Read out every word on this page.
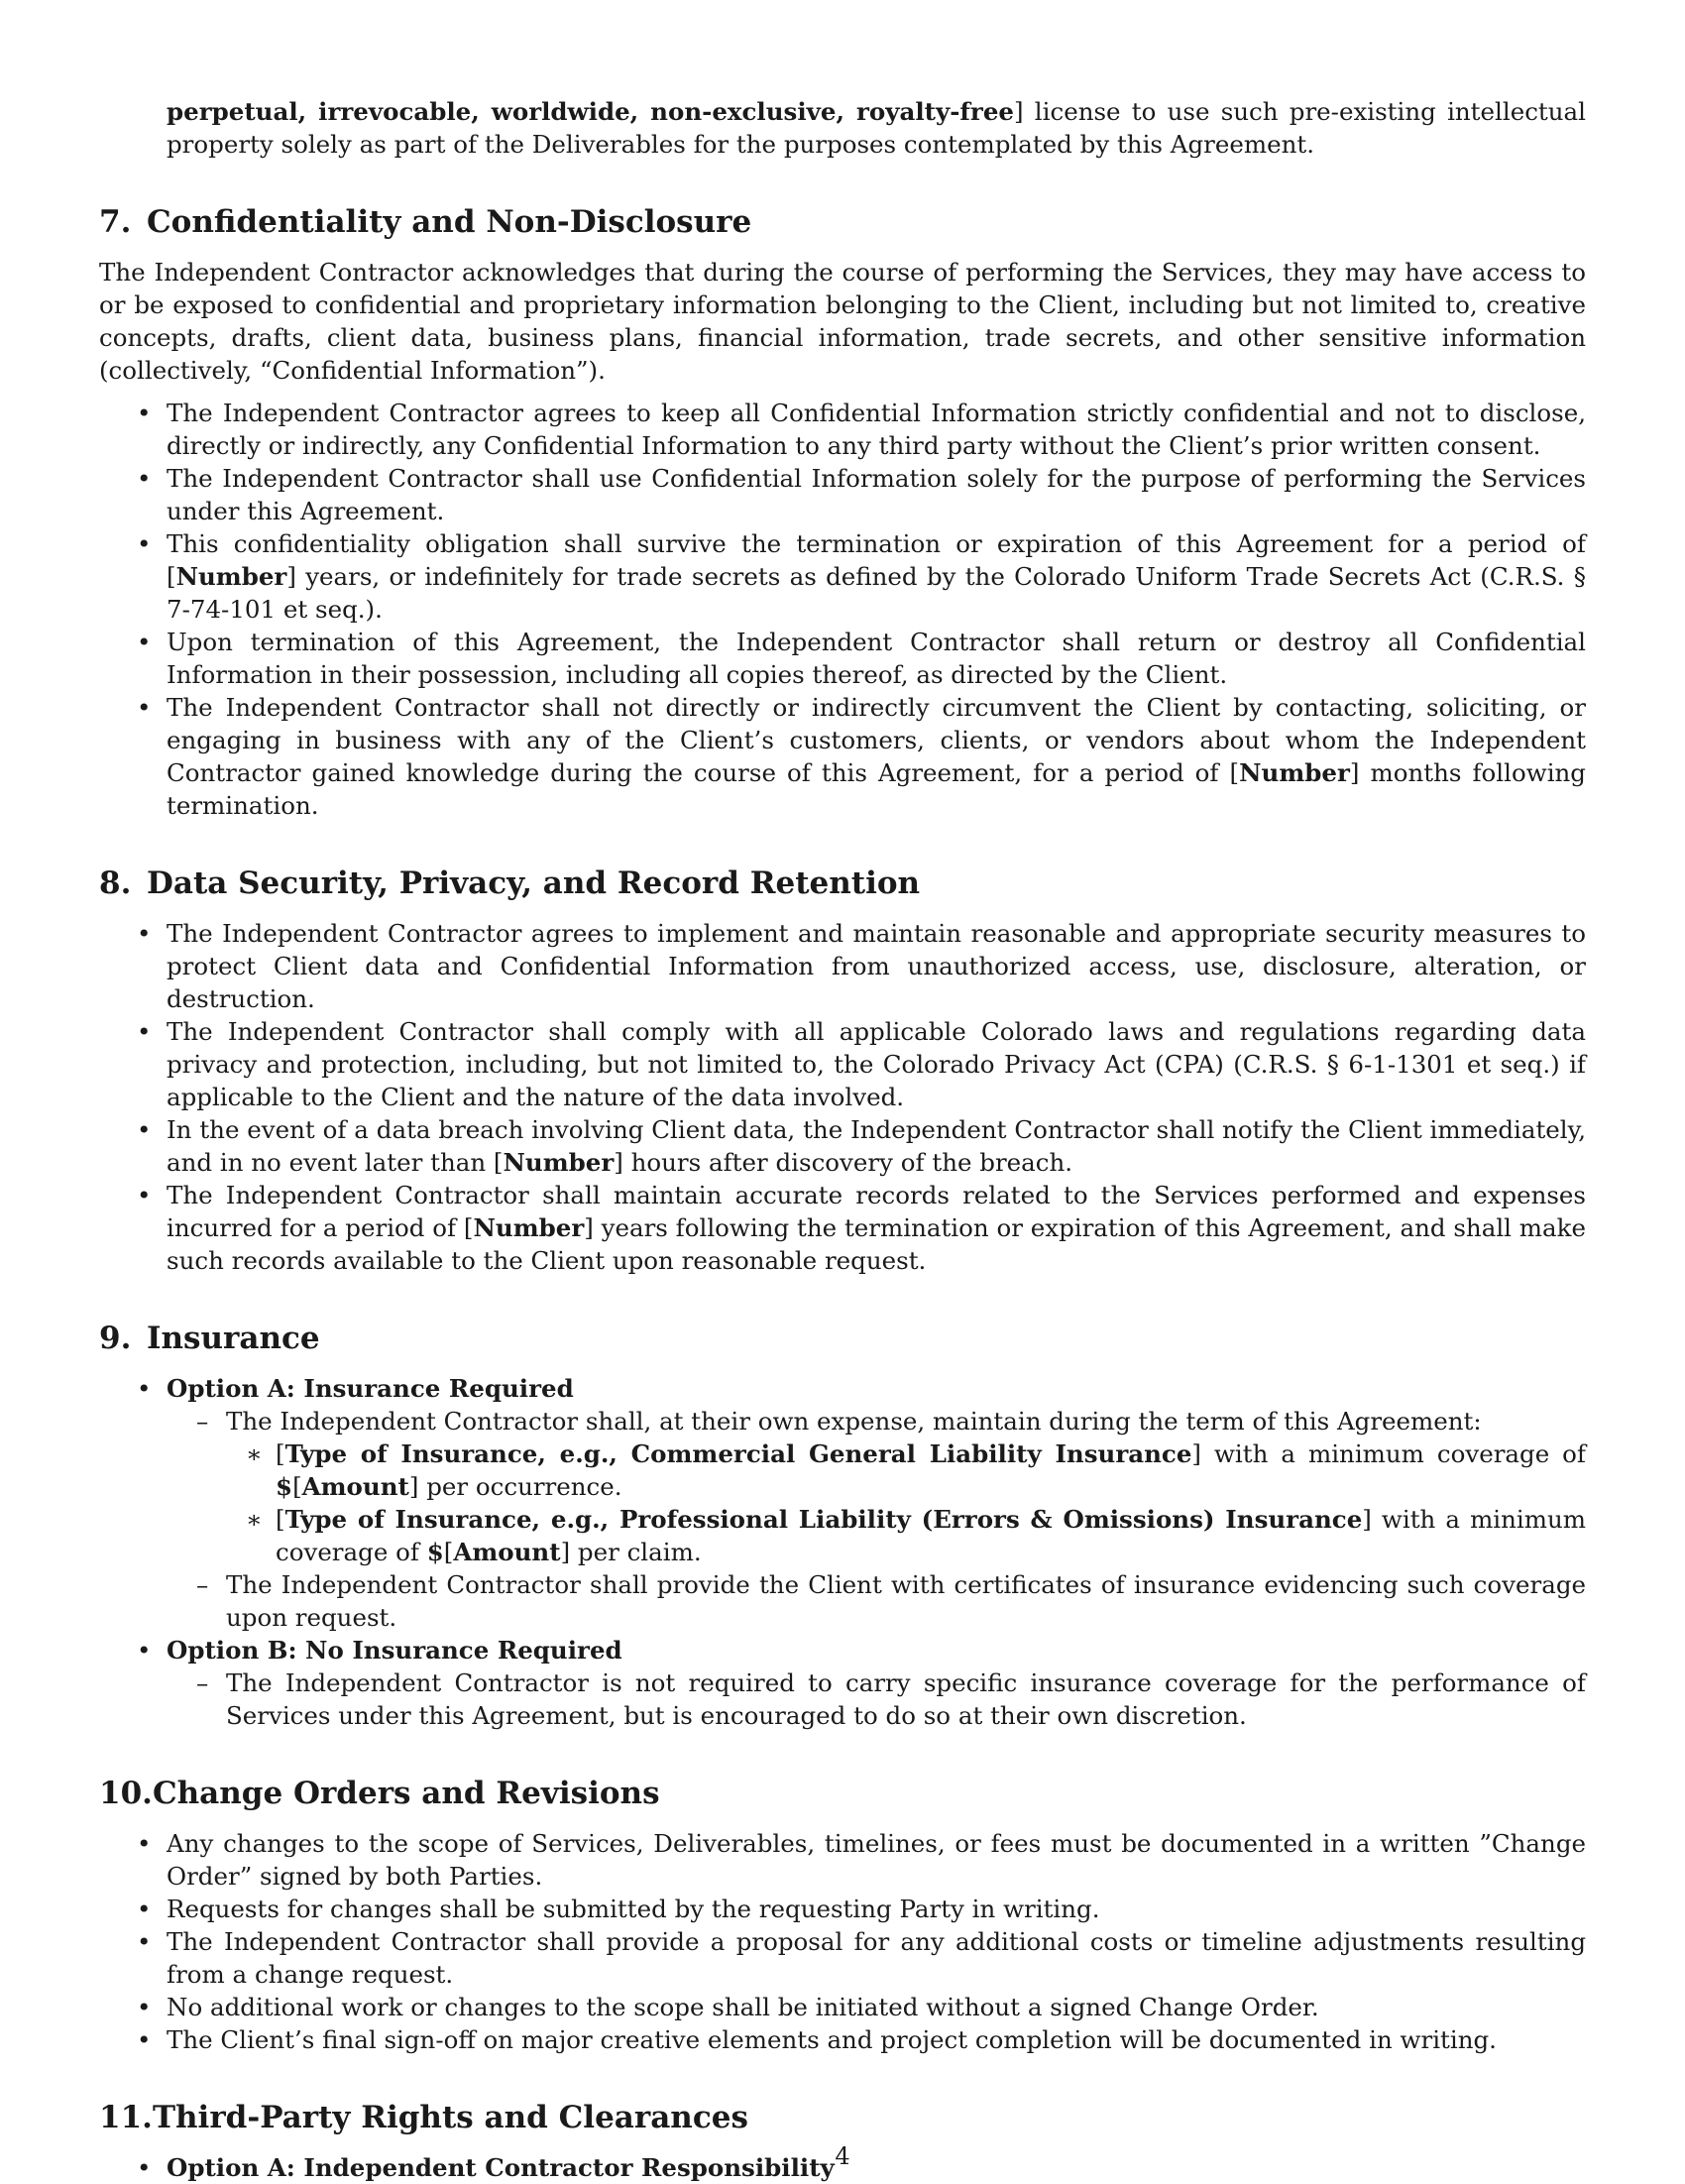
perpetual, irrevocable, worldwide, non-exclusive, royalty-free] license to use such pre-existing intellectual property solely as part of the Deliverables for the purposes contemplated by this Agreement.

7. Confidentiality and Non-Disclosure

The Independent Contractor acknowledges that during the course of performing the Services, they may have access to or be exposed to confidential and proprietary information belonging to the Client, including but not limited to, creative concepts, drafts, client data, business plans, financial information, trade secrets, and other sensitive information (collectively, “Confidential Information”).

• The Independent Contractor agrees to keep all Confidential Information strictly confidential and not to disclose, directly or indirectly, any Confidential Information to any third party without the Client’s prior written consent.
• The Independent Contractor shall use Confidential Information solely for the purpose of performing the Services under this Agreement.
• This confidentiality obligation shall survive the termination or expiration of this Agreement for a period of [Number] years, or indefinitely for trade secrets as defined by the Colorado Uniform Trade Secrets Act (C.R.S. § 7-74-101 et seq.).
• Upon termination of this Agreement, the Independent Contractor shall return or destroy all Confidential Information in their possession, including all copies thereof, as directed by the Client.
• The Independent Contractor shall not directly or indirectly circumvent the Client by contacting, soliciting, or engaging in business with any of the Client’s customers, clients, or vendors about whom the Independent Contractor gained knowledge during the course of this Agreement, for a period of [Number] months following termination.
8. Data Security, Privacy, and Record Retention
• The Independent Contractor agrees to implement and maintain reasonable and appropriate security measures to protect Client data and Confidential Information from unauthorized access, use, disclosure, alteration, or destruction.
• The Independent Contractor shall comply with all applicable Colorado laws and regulations regarding data privacy and protection, including, but not limited to, the Colorado Privacy Act (CPA) (C.R.S. § 6-1-1301 et seq.) if applicable to the Client and the nature of the data involved.
• In the event of a data breach involving Client data, the Independent Contractor shall notify the Client immediately, and in no event later than [Number] hours after discovery of the breach.
• The Independent Contractor shall maintain accurate records related to the Services performed and expenses incurred for a period of [Number] years following the termination or expiration of this Agreement, and shall make such records available to the Client upon reasonable request.
9. Insurance
• Option A: Insurance Required
– The Independent Contractor shall, at their own expense, maintain during the term of this Agreement:
∗ [Type of Insurance, e.g., Commercial General Liability Insurance] with a minimum coverage of $[Amount] per occurrence.
∗ [Type of Insurance, e.g., Professional Liability (Errors & Omissions) Insurance] with a minimum coverage of $[Amount] per claim.
– The Independent Contractor shall provide the Client with certificates of insurance evidencing such coverage upon request.
• Option B: No Insurance Required
– The Independent Contractor is not required to carry specific insurance coverage for the performance of Services under this Agreement, but is encouraged to do so at their own discretion.
10.Change Orders and Revisions
• Any changes to the scope of Services, Deliverables, timelines, or fees must be documented in a written ”Change Order” signed by both Parties.
• Requests for changes shall be submitted by the requesting Party in writing.
• The Independent Contractor shall provide a proposal for any additional costs or timeline adjustments resulting from a change request.
• No additional work or changes to the scope shall be initiated without a signed Change Order.
• The Client’s final sign-off on major creative elements and project completion will be documented in writing.
11.Third-Party Rights and Clearances
• Option A: Independent Contractor Responsibility 4
